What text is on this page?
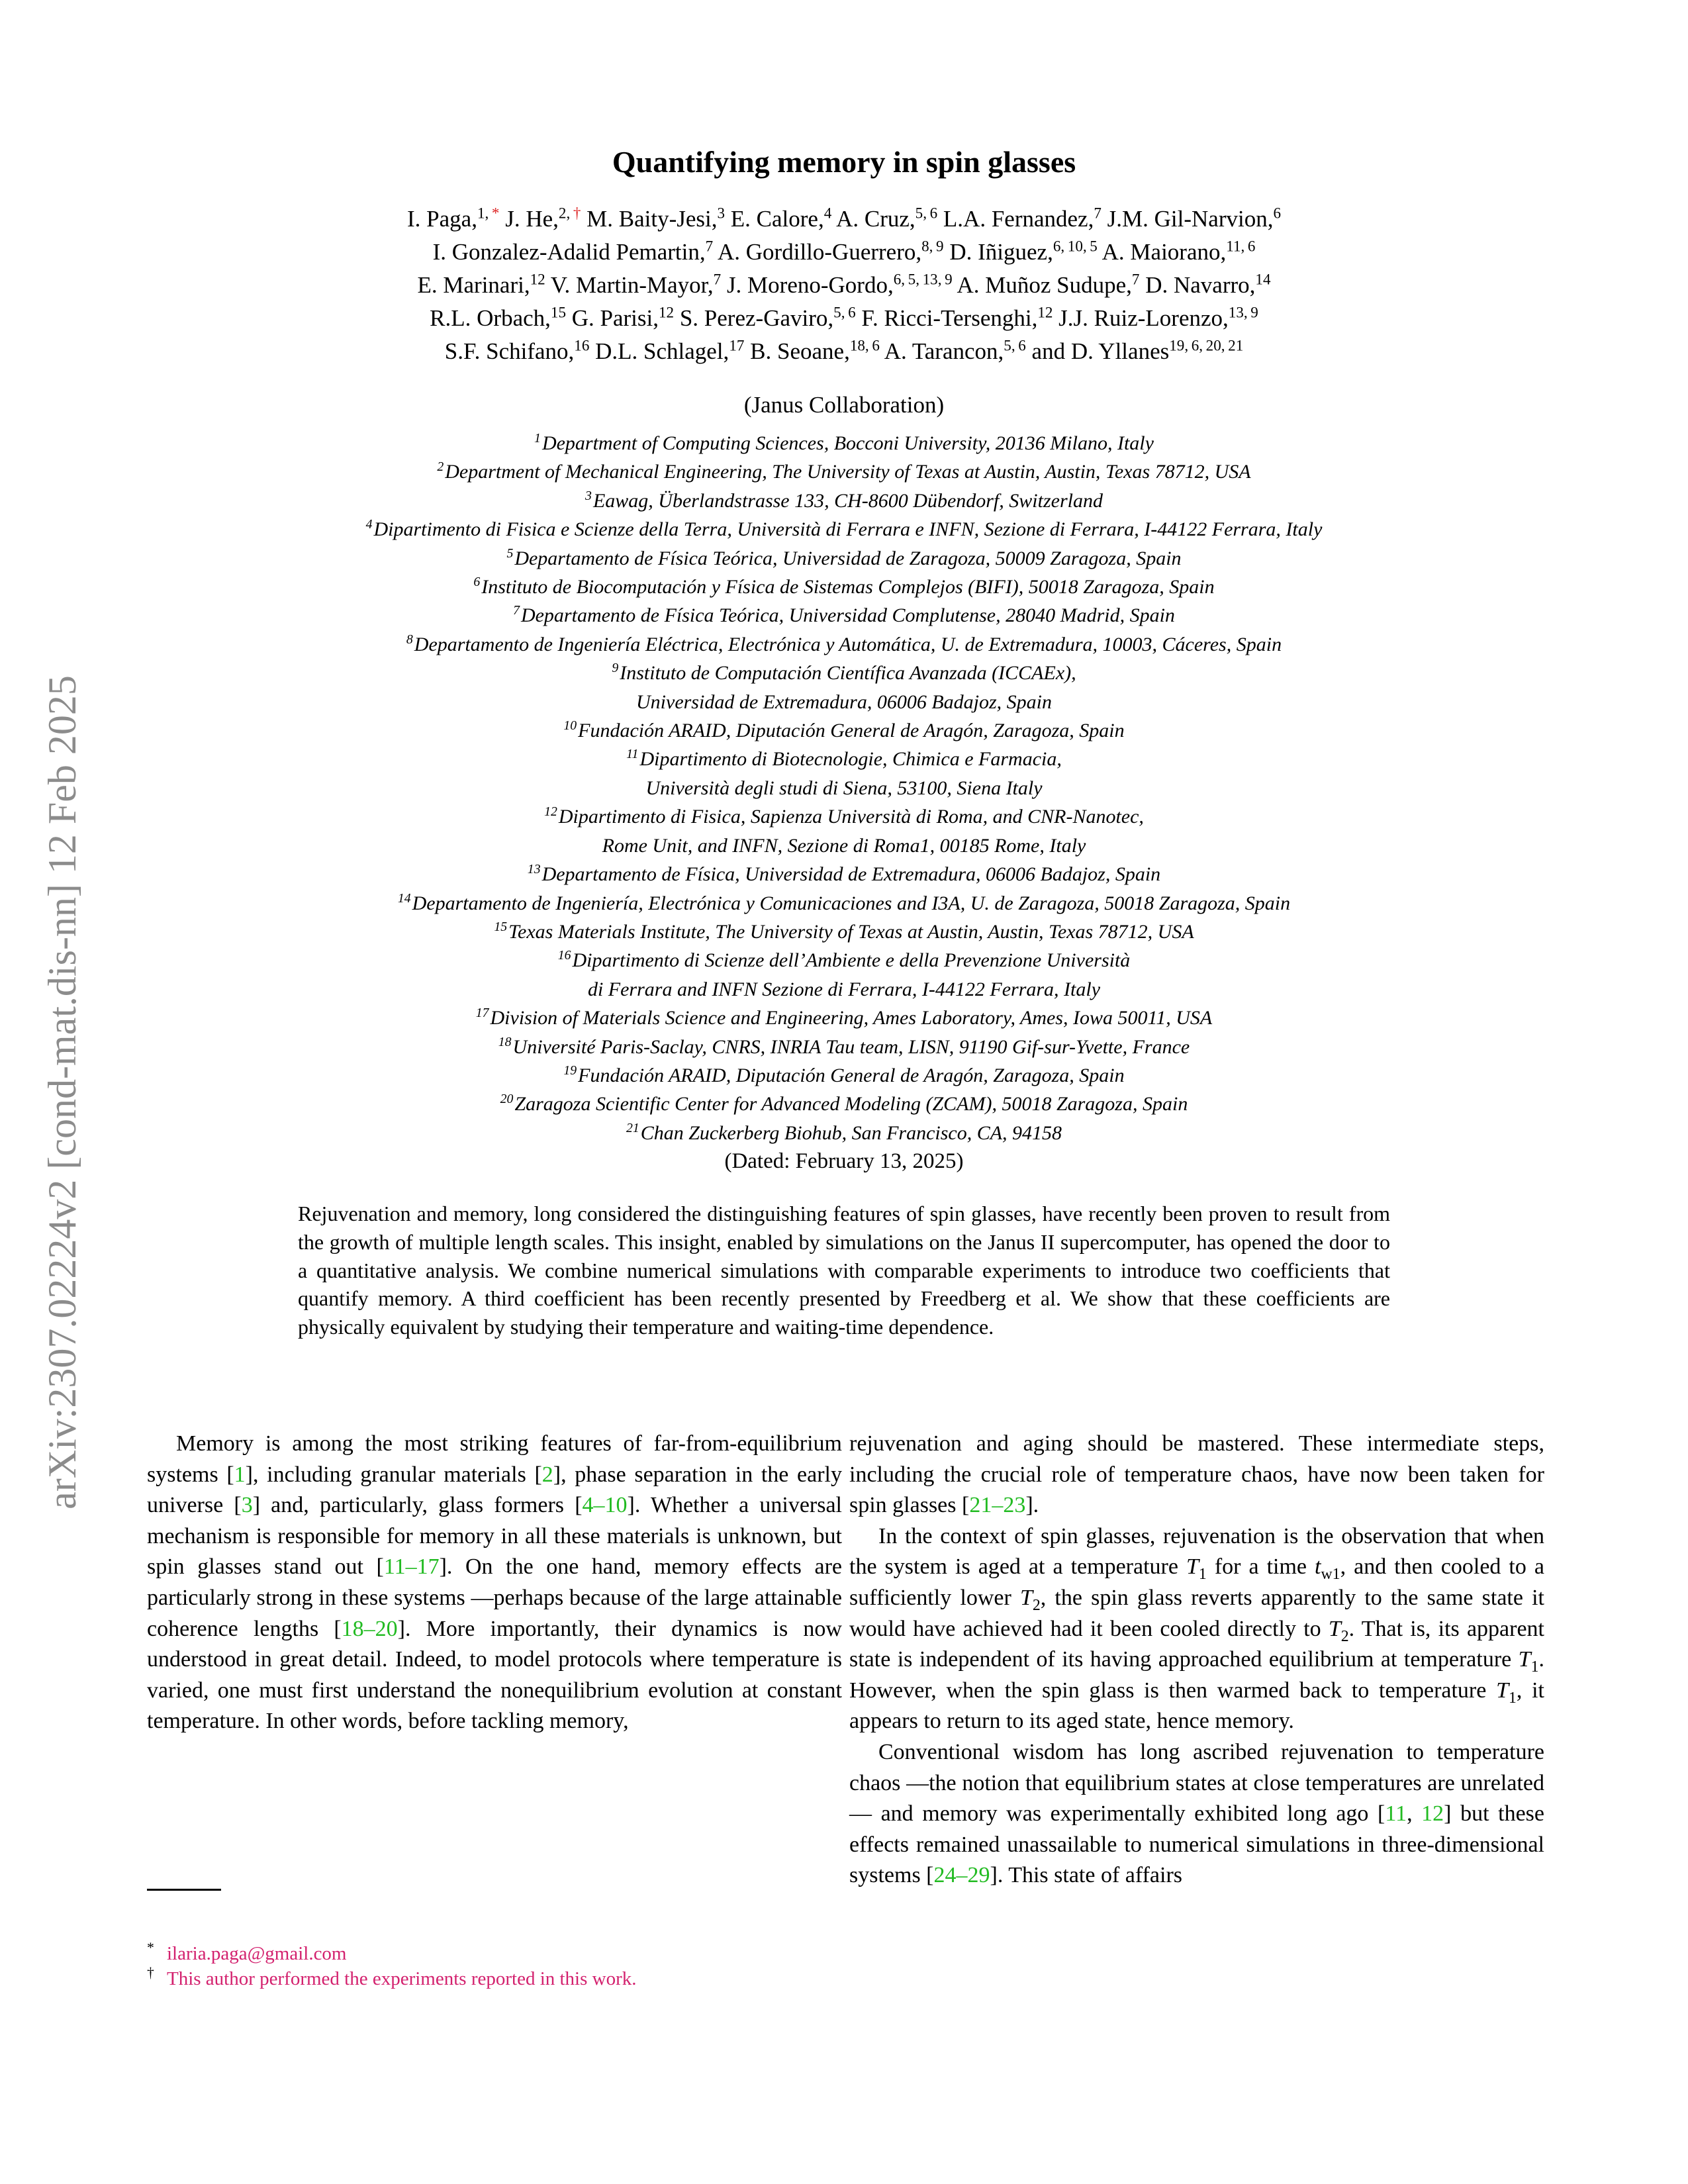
arXiv:2307.02224v2 [cond-mat.dis-nn] 12 Feb 2025
Quantifying memory in spin glasses
I. Paga,$^{1,}$ * J. He,$^{2,}$ † M. Baity-Jesi,$^3$ E. Calore,$^4$ A. Cruz,$^{5, 6}$ L.A. Fernandez,$^7$ J.M. Gil-Narvion,$^6$
I. Gonzalez-Adalid Pemartin,$^7$ A. Gordillo-Guerrero,$^{8, 9}$ D. Iñiguez,$^{6, 10, 5}$ A. Maiorano,$^{11, 6}$
E. Marinari,$^{12}$ V. Martin-Mayor,$^7$ J. Moreno-Gordo,$^{6, 5, 13, 9}$ A. Muñoz Sudupe,$^7$ D. Navarro,$^{14}$
R.L. Orbach,$^{15}$ G. Parisi,$^{12}$ S. Perez-Gaviro,$^{5, 6}$ F. Ricci-Tersenghi,$^{12}$ J.J. Ruiz-Lorenzo,$^{13, 9}$
S.F. Schifano,$^{16}$ D.L. Schlagel,$^{17}$ B. Seoane,$^{18, 6}$ A. Tarancon,$^{5, 6}$ and D. Yllanes$^{19, 6, 20, 21}$
(Janus Collaboration)
$^1$Department of Computing Sciences, Bocconi University, 20136 Milano, Italy
$^2$Department of Mechanical Engineering, The University of Texas at Austin, Austin, Texas 78712, USA
$^3$Eawag, Überlandstrasse 133, CH-8600 Dübendorf, Switzerland
$^4$Dipartimento di Fisica e Scienze della Terra, Università di Ferrara e INFN, Sezione di Ferrara, I-44122 Ferrara, Italy
$^5$Departamento de Física Teórica, Universidad de Zaragoza, 50009 Zaragoza, Spain
$^6$Instituto de Biocomputación y Física de Sistemas Complejos (BIFI), 50018 Zaragoza, Spain
$^7$Departamento de Física Teórica, Universidad Complutense, 28040 Madrid, Spain
$^8$Departamento de Ingeniería Eléctrica, Electrónica y Automática, U. de Extremadura, 10003, Cáceres, Spain
$^9$Instituto de Computación Científica Avanzada (ICCAEx),
Universidad de Extremadura, 06006 Badajoz, Spain
$^{10}$Fundación ARAID, Diputación General de Aragón, Zaragoza, Spain
$^{11}$Dipartimento di Biotecnologie, Chimica e Farmacia,
Università degli studi di Siena, 53100, Siena Italy
$^{12}$Dipartimento di Fisica, Sapienza Università di Roma, and CNR-Nanotec,
Rome Unit, and INFN, Sezione di Roma1, 00185 Rome, Italy
$^{13}$Departamento de Física, Universidad de Extremadura, 06006 Badajoz, Spain
$^{14}$Departamento de Ingeniería, Electrónica y Comunicaciones and I3A, U. de Zaragoza, 50018 Zaragoza, Spain
$^{15}$Texas Materials Institute, The University of Texas at Austin, Austin, Texas 78712, USA
$^{16}$Dipartimento di Scienze dell’Ambiente e della Prevenzione Università
di Ferrara and INFN Sezione di Ferrara, I-44122 Ferrara, Italy
$^{17}$Division of Materials Science and Engineering, Ames Laboratory, Ames, Iowa 50011, USA
$^{18}$Université Paris-Saclay, CNRS, INRIA Tau team, LISN, 91190 Gif-sur-Yvette, France
$^{19}$Fundación ARAID, Diputación General de Aragón, Zaragoza, Spain
$^{20}$Zaragoza Scientific Center for Advanced Modeling (ZCAM), 50018 Zaragoza, Spain
$^{21}$Chan Zuckerberg Biohub, San Francisco, CA, 94158
(Dated: February 13, 2025)
Rejuvenation and memory, long considered the distinguishing features of spin glasses, have recently been proven to result from the growth of multiple length scales. This insight, enabled by simulations on the Janus II supercomputer, has opened the door to a quantitative analysis. We combine numerical simulations with comparable experiments to introduce two coefficients that quantify memory. A third coefficient has been recently presented by Freedberg et al. We show that these coefficients are physically equivalent by studying their temperature and waiting-time dependence.
Memory is among the most striking features of far-from-equilibrium systems [1], including granular materials [2], phase separation in the early universe [3] and, particularly, glass formers [4–10]. Whether a universal mechanism is responsible for memory in all these materials is unknown, but spin glasses stand out [11–17]. On the one hand, memory effects are particularly strong in these systems —perhaps because of the large attainable coherence lengths [18–20]. More importantly, their dynamics is now understood in great detail. Indeed, to model protocols where temperature is varied, one must first understand the nonequilibrium evolution at constant temperature. In other words, before tackling memory,
rejuvenation and aging should be mastered. These intermediate steps, including the crucial role of temperature chaos, have now been taken for spin glasses [21–23].
In the context of spin glasses, rejuvenation is the observation that when the system is aged at a temperature $T_1$ for a time $t_{w1}$, and then cooled to a sufficiently lower $T_2$, the spin glass reverts apparently to the same state it would have achieved had it been cooled directly to $T_2$. That is, its apparent state is independent of its having approached equilibrium at temperature $T_1$. However, when the spin glass is then warmed back to temperature $T_1$, it appears to return to its aged state, hence memory.
Conventional wisdom has long ascribed rejuvenation to temperature chaos —the notion that equilibrium states at close temperatures are unrelated— and memory was experimentally exhibited long ago [11, 12] but these effects remained unassailable to numerical simulations in three-dimensional systems [24–29]. This state of affairs
* ilaria.paga@gmail.com
† This author performed the experiments reported in this work.
